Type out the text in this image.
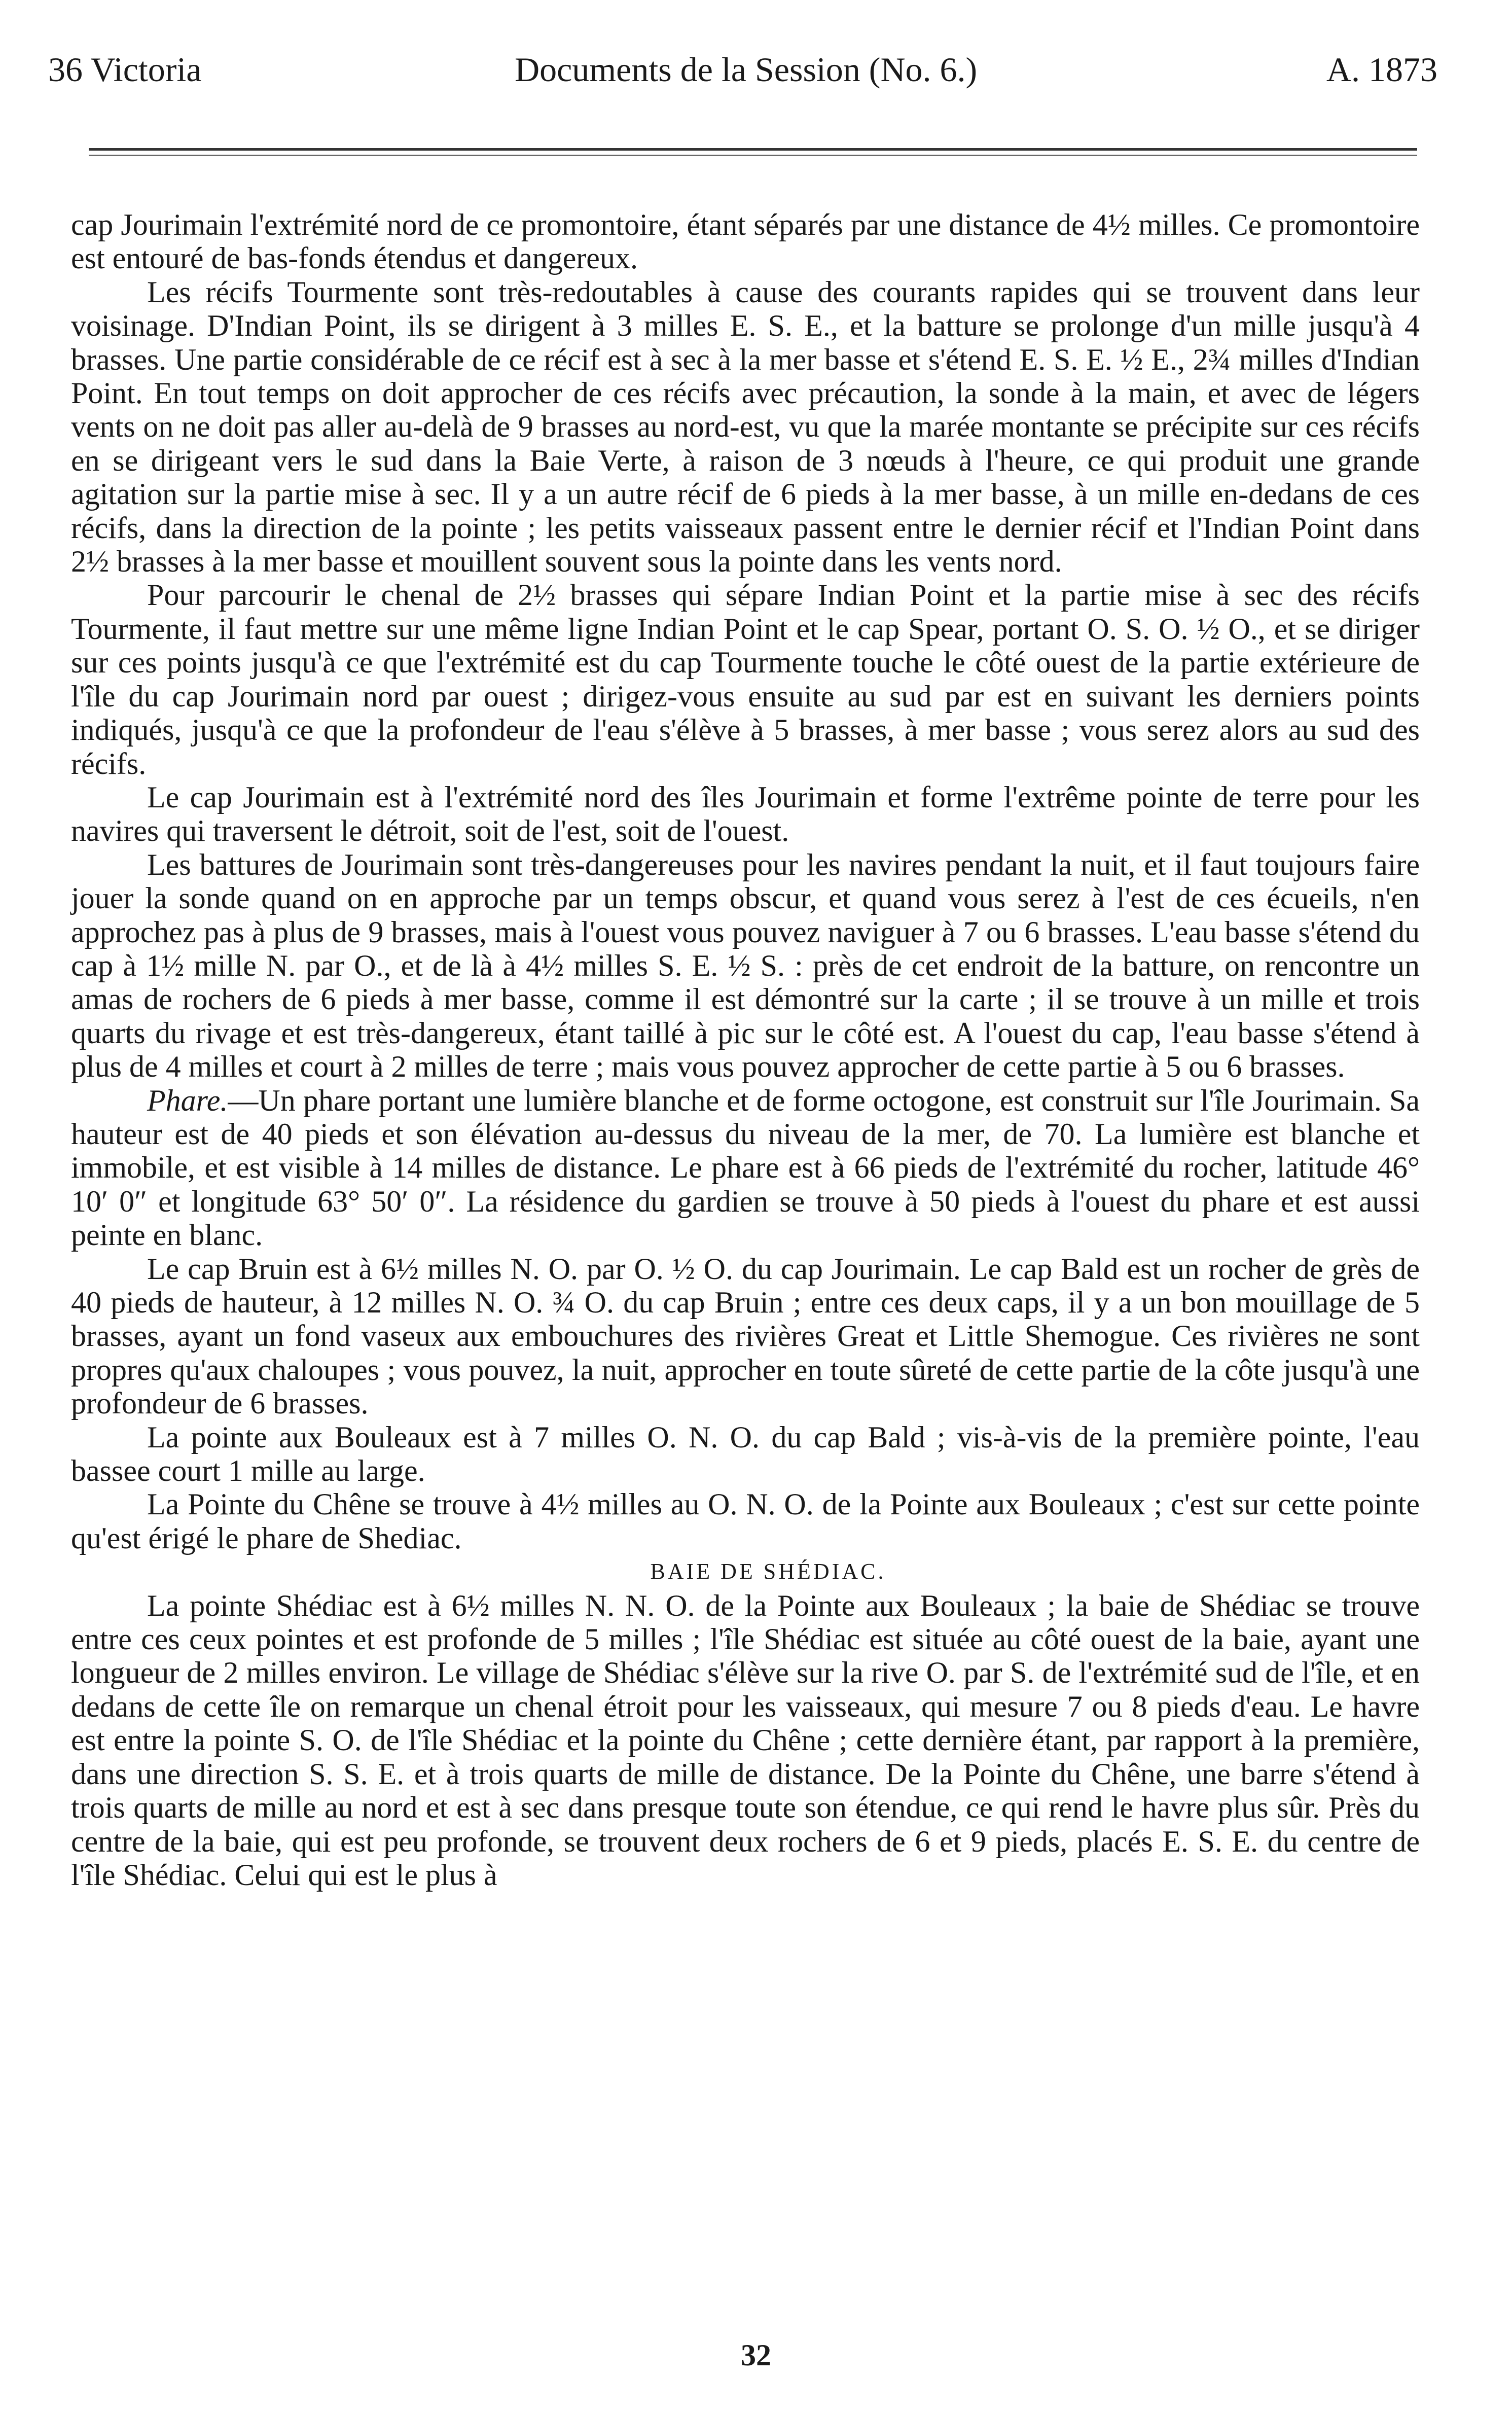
36 Victoria	Documents de la Session (No. 6.)	A. 1873

cap Jourimain l'extrémité nord de ce promontoire, étant séparés par une distance de 4½ milles. Ce promontoire est entouré de bas-fonds étendus et dangereux.

Les récifs Tourmente sont très-redoutables à cause des courants rapides qui se trouvent dans leur voisinage. D'Indian Point, ils se dirigent à 3 milles E. S. E., et la batture se prolonge d'un mille jusqu'à 4 brasses. Une partie considérable de ce récif est à sec à la mer basse et s'étend E. S. E. ½ E., 2¾ milles d'Indian Point. En tout temps on doit approcher de ces récifs avec précaution, la sonde à la main, et avec de légers vents on ne doit pas aller au-delà de 9 brasses au nord-est, vu que la marée montante se précipite sur ces récifs en se dirigeant vers le sud dans la Baie Verte, à raison de 3 nœuds à l'heure, ce qui produit une grande agitation sur la partie mise à sec. Il y a un autre récif de 6 pieds à la mer basse, à un mille en-dedans de ces récifs, dans la direction de la pointe ; les petits vaisseaux passent entre le dernier récif et l'Indian Point dans 2½ brasses à la mer basse et mouillent souvent sous la pointe dans les vents nord.

Pour parcourir le chenal de 2½ brasses qui sépare Indian Point et la partie mise à sec des récifs Tourmente, il faut mettre sur une même ligne Indian Point et le cap Spear, portant O. S. O. ½ O., et se diriger sur ces points jusqu'à ce que l'extrémité est du cap Tourmente touche le côté ouest de la partie extérieure de l'île du cap Jourimain nord par ouest ; dirigez-vous ensuite au sud par est en suivant les derniers points indiqués, jusqu'à ce que la profondeur de l'eau s'élève à 5 brasses, à mer basse ; vous serez alors au sud des récifs.

Le cap Jourimain est à l'extrémité nord des îles Jourimain et forme l'extrême pointe de terre pour les navires qui traversent le détroit, soit de l'est, soit de l'ouest.

Les battures de Jourimain sont très-dangereuses pour les navires pendant la nuit, et il faut toujours faire jouer la sonde quand on en approche par un temps obscur, et quand vous serez à l'est de ces écueils, n'en approchez pas à plus de 9 brasses, mais à l'ouest vous pouvez naviguer à 7 ou 6 brasses. L'eau basse s'étend du cap à 1½ mille N. par O., et de là à 4½ milles S. E. ½ S. : près de cet endroit de la batture, on rencontre un amas de rochers de 6 pieds à mer basse, comme il est démontré sur la carte ; il se trouve à un mille et trois quarts du rivage et est très-dangereux, étant taillé à pic sur le côté est. A l'ouest du cap, l'eau basse s'étend à plus de 4 milles et court à 2 milles de terre ; mais vous pouvez approcher de cette partie à 5 ou 6 brasses.

Phare.—Un phare portant une lumière blanche et de forme octogone, est construit sur l'île Jourimain. Sa hauteur est de 40 pieds et son élévation au-dessus du niveau de la mer, de 70. La lumière est blanche et immobile, et est visible à 14 milles de distance. Le phare est à 66 pieds de l'extrémité du rocher, latitude 46° 10′ 0″ et longitude 63° 50′ 0″. La résidence du gardien se trouve à 50 pieds à l'ouest du phare et est aussi peinte en blanc.

Le cap Bruin est à 6½ milles N. O. par O. ½ O. du cap Jourimain. Le cap Bald est un rocher de grès de 40 pieds de hauteur, à 12 milles N. O. ¾ O. du cap Bruin ; entre ces deux caps, il y a un bon mouillage de 5 brasses, ayant un fond vaseux aux embouchures des rivières Great et Little Shemogue. Ces rivières ne sont propres qu'aux chaloupes ; vous pouvez, la nuit, approcher en toute sûreté de cette partie de la côte jusqu'à une profondeur de 6 brasses.

La pointe aux Bouleaux est à 7 milles O. N. O. du cap Bald ; vis-à-vis de la première pointe, l'eau bassee court 1 mille au large.

La Pointe du Chêne se trouve à 4½ milles au O. N. O. de la Pointe aux Bouleaux ; c'est sur cette pointe qu'est érigé le phare de Shediac.

BAIE DE SHÉDIAC.

La pointe Shédiac est à 6½ milles N. N. O. de la Pointe aux Bouleaux ; la baie de Shédiac se trouve entre ces ceux pointes et est profonde de 5 milles ; l'île Shédiac est située au côté ouest de la baie, ayant une longueur de 2 milles environ. Le village de Shédiac s'élève sur la rive O. par S. de l'extrémité sud de l'île, et en dedans de cette île on remarque un chenal étroit pour les vaisseaux, qui mesure 7 ou 8 pieds d'eau. Le havre est entre la pointe S. O. de l'île Shédiac et la pointe du Chêne ; cette dernière étant, par rapport à la première, dans une direction S. S. E. et à trois quarts de mille de distance. De la Pointe du Chêne, une barre s'étend à trois quarts de mille au nord et est à sec dans presque toute son étendue, ce qui rend le havre plus sûr. Près du centre de la baie, qui est peu profonde, se trouvent deux rochers de 6 et 9 pieds, placés E. S. E. du centre de l'île Shédiac. Celui qui est le plus à

32
